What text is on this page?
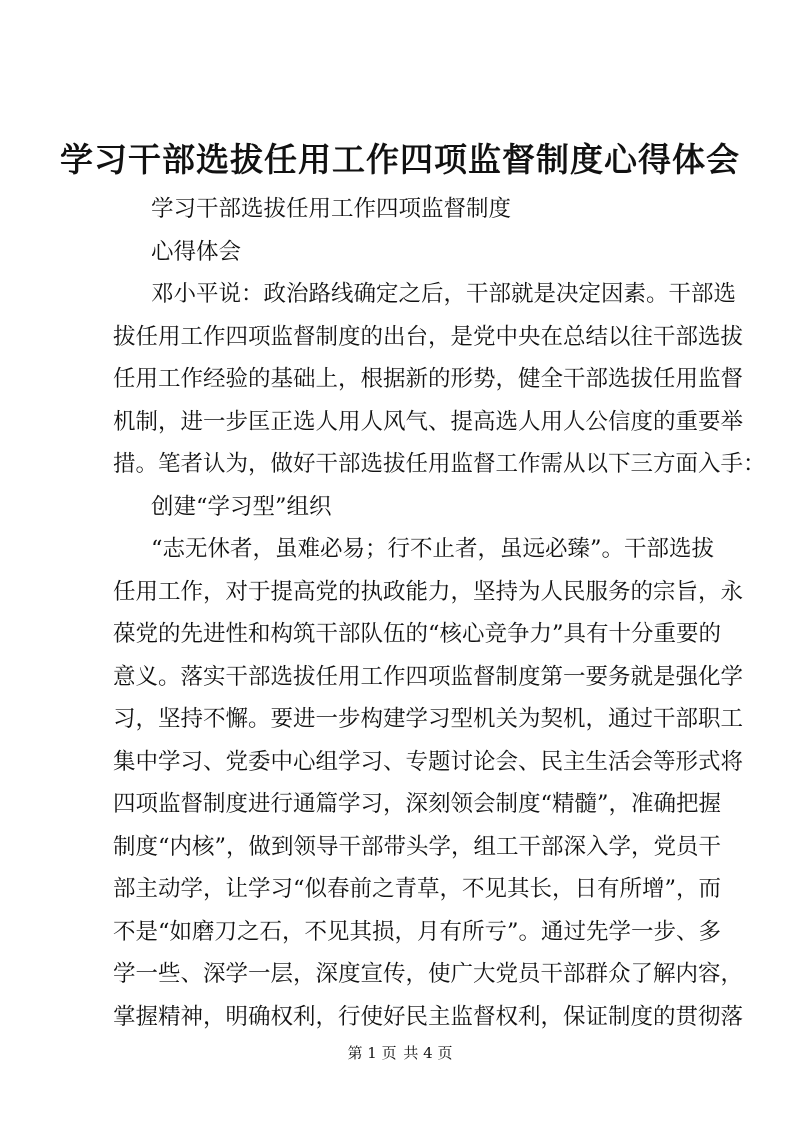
学习干部选拔任用工作四项监督制度心得体会
学习干部选拔任用工作四项监督制度
心得体会
邓小平说：政治路线确定之后，干部就是决定因素。干部选
拔任用工作四项监督制度的出台，是党中央在总结以往干部选拔
任用工作经验的基础上，根据新的形势，健全干部选拔任用监督
机制，进一步匡正选人用人风气、提高选人用人公信度的重要举
措。笔者认为，做好干部选拔任用监督工作需从以下三方面入手：
创建“学习型”组织
“志无休者，虽难必易；行不止者，虽远必臻”。干部选拔
任用工作，对于提高党的执政能力，坚持为人民服务的宗旨，永
葆党的先进性和构筑干部队伍的“核心竞争力”具有十分重要的
意义。落实干部选拔任用工作四项监督制度第一要务就是强化学
习，坚持不懈。要进一步构建学习型机关为契机，通过干部职工
集中学习、党委中心组学习、专题讨论会、民主生活会等形式将
四项监督制度进行通篇学习，深刻领会制度“精髓”，准确把握
制度“内核”，做到领导干部带头学，组工干部深入学，党员干
部主动学，让学习“似春前之青草，不见其长，日有所增”，而
不是“如磨刀之石，不见其损，月有所亏”。通过先学一步、多
学一些、深学一层，深度宣传，使广大党员干部群众了解内容，
掌握精神，明确权利，行使好民主监督权利，保证制度的贯彻落
第 1 页 共 4 页
